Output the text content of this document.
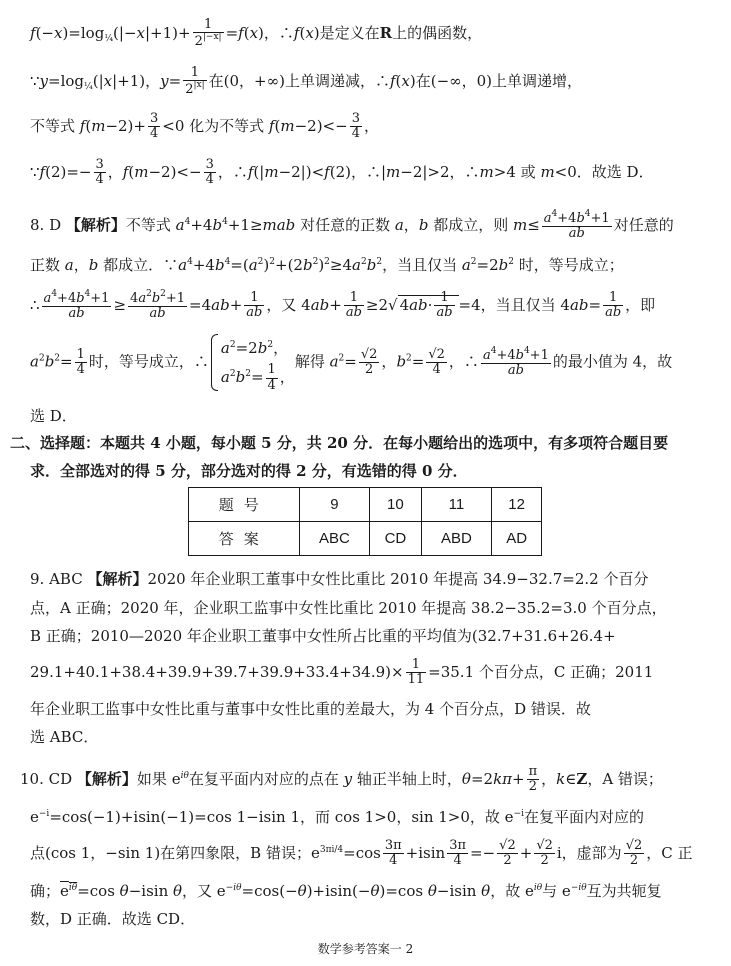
$f(-x)=\log_{\frac{1}{4}}(|-x|+1)+ \frac{1}{2^{|-x|}} =f(x)$，∴f(x)是定义在R上的偶函数，
$\because y=\log_{\frac{1}{4}}(|x|+1)$，$y= \frac{1}{2^{|x|}}$ 在(0，+∞)上单调递减，∴f(x)在(−∞，0)上单调递增，
不等式 $f(m-2)+ \frac{3}{4} <0$ 化为不等式 $f(m-2)<- \frac{3}{4}$ ，
∵f(2)=− $\frac{3}{4}$ ，$f(m-2)<- \frac{3}{4}$ ，∴f(|m−2|)<f(2)，∴|m−2|>2，∴m>4 或 m<0．故选 D．
8. D 【解析】不等式 $a^4+4b^4+1\ge mab$ 对任意的正数 a，b 都成立，则 $m\le \frac{a^4+4b^4+1}{ab}$ 对任意的
正数 a，b 都成立．$\because a^4+4b^4=(a^2)^2+(2b^2)^2\ge 4a^2b^2$，当且仅当 $a^2=2b^2$ 时，等号成立；
∴ $\frac{a^4+4b^4+1}{ab} \ge \frac{4a^2b^2+1}{ab} =4ab+ \frac{1}{ab}$ ，又 $4ab+ \frac{1}{ab} \ge 2√$ $4ab\cdot \frac{1}{ab} =4$，当且仅当 $4ab= \frac{1}{ab}$ ，即
$a^2b^2= \frac{1}{4}$ 时，等号成立，∴
$a^2=2b^2$，
$a^2b^2= \frac{1}{4}$ ，
解得 $a^2= \frac{√2}{2}$ ，$b^2= \frac{√2}{4}$ ，∴ $\frac{a^4+4b^4+1}{ab}$ 的最小值为 4，故
选 D．
二、选择题：本题共 4 小题，每小题 5 分，共 20 分．在每小题给出的选项中，有多项符合题目要
求．全部选对的得 5 分，部分选对的得 2 分，有选错的得 0 分．
题号	9	10	11	12
答案	ABC	CD	ABD	AD
9. ABC 【解析】2020 年企业职工董事中女性比重比 2010 年提高 34.9−32.7=2.2 个百分
点，A 正确；2020 年，企业职工监事中女性比重比 2010 年提高 38.2−35.2=3.0 个百分点，
B 正确；2010—2020 年企业职工董事中女性所占比重的平均值为(32.7+31.6+26.4+
$29.1+40.1+38.4+39.9+39.7+39.9+33.4+34.9)\times \frac{1}{11} =35.1$ 个百分点，C 正确；2011
年企业职工监事中女性比重与董事中女性比重的差最大，为 4 个百分点，D 错误．故
选 ABC．
10. CD 【解析】如果 $e^{i\theta}$在复平面内对应的点在 y 轴正半轴上时，$\theta=2k\pi+ \frac{\pi}{2}$ ，k∈Z，A 错误；
$e^{-i}=\cos(-1)+isin(-1)=\cos$ 1−isin 1，而 cos 1>0，sin 1>0，故 $e^{-i}$在复平面内对应的
点(cos 1，−sin 1)在第四象限，B 错误；$e^{3\pi i/4}=\cos \frac{3\pi}{4} +isin \frac{3\pi}{4} =- \frac{√2}{2} + \frac{√2}{2}$ i，虚部为 $\frac{√2}{2}$ ，C 正
确；$e^{i\theta}=\cos$ θ−isin θ，又 $e^{-i\theta}=\cos(-\theta)+isin(-\theta)=\cos$ θ−isin θ，故 $e^{i\theta}$与 $e^{-i\theta}$互为共轭复
数，D 正确．故选 CD．
数学参考答案一 2
